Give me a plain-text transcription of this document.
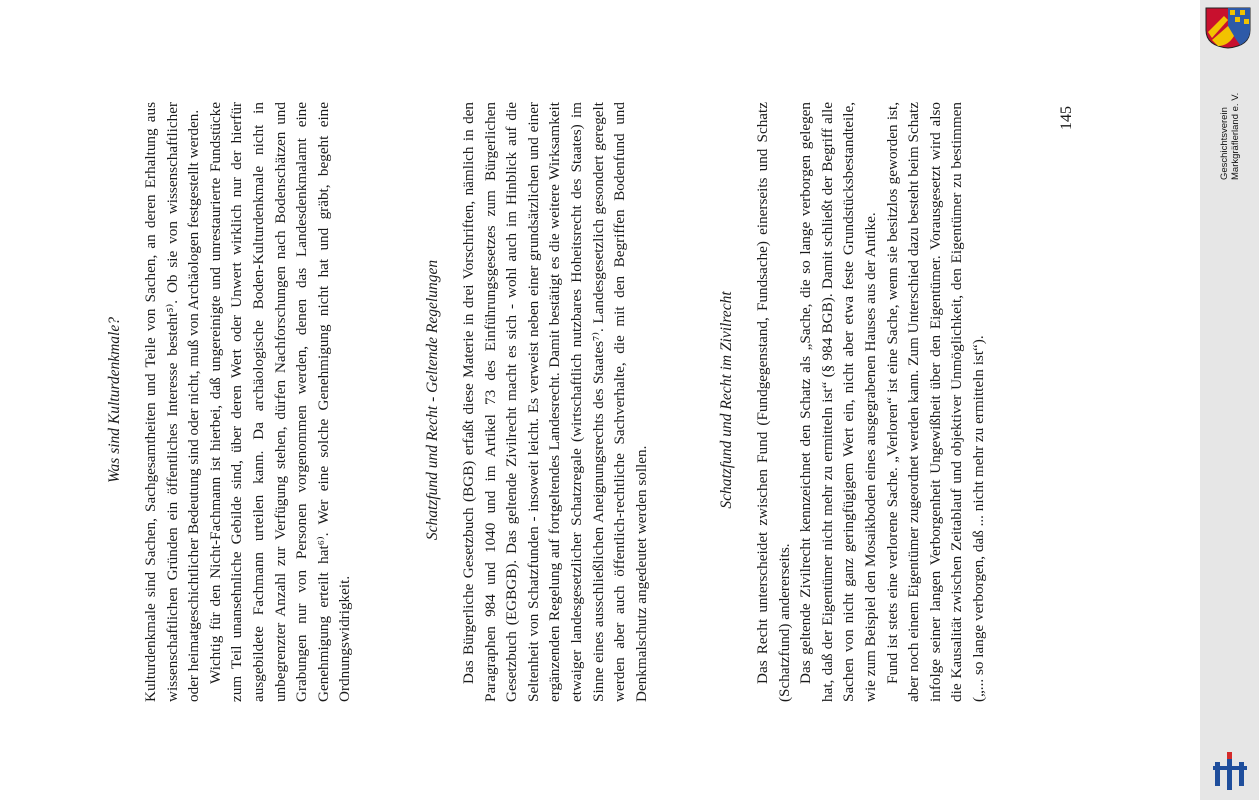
Was sind Kulturdenkmale? Kulturdenkmale sind Sachen, Sachgesamtheiten und Teile von Sachen, an deren Erhaltung aus wissenschaftlichen Gründen ein öffentliches Interesse besteht⁵⁾. Ob sie von wissenschaftlicher oder heimatgeschichtlicher Bedeutung sind oder nicht, muß von Archäologen festgestellt werden. Wichtig für den Nicht-Fachmann ist hierbei, daß ungereinigte und unrestaurierte Fundstücke zum Teil unansehnliche Gebilde sind, über deren Wert oder Unwert wirklich nur der hierfür ausgebildete Fachmann urteilen kann. Da archäologische Boden-Kulturdenkmale nicht in unbegrenzter Anzahl zur Verfügung stehen, dürfen Nachforschungen nach Bodenschätzen und Grabungen nur von Personen vorgenommen werden, denen das Landesdenkmalamt eine Genehmigung erteilt hat⁶⁾. Wer eine solche Genehmigung nicht hat und gräbt, begeht eine Ordnungswidrigkeit.

Schatzfund und Recht - Geltende Regelungen Das Bürgerliche Gesetzbuch (BGB) erfaßt diese Materie in drei Vorschriften, nämlich in den Paragraphen 984 und 1040 und im Artikel 73 des Einführungsgesetzes zum Bürgerlichen Gesetzbuch (EGBGB). Das geltende Zivilrecht macht es sich - wohl auch im Hinblick auf die Seltenheit von Schatzfunden - insoweit leicht. Es verweist neben einer grundsätzlichen und einer ergänzenden Regelung auf fortgeltendes Landesrecht. Damit bestätigt es die weitere Wirksamkeit etwaiger landesgesetzlicher Schatzregale (wirtschaftlich nutzbares Hoheitsrecht des Staates) im Sinne eines ausschließlichen Aneignungsrechts des Staates⁷⁾. Landesgesetzlich gesondert geregelt werden aber auch öffentlich-rechtliche Sachverhalte, die mit den Begriffen Bodenfund und Denkmalschutz angedeutet werden sollen.

Schatzfund und Recht im Zivilrecht Das Recht unterscheidet zwischen Fund (Fundgegenstand, Fundsache) einerseits und Schatz (Schatzfund) andererseits. Das geltende Zivilrecht kennzeichnet den Schatz als „Sache, die so lange verborgen gelegen hat, daß der Eigentümer nicht mehr zu ermitteln ist“ (§ 984 BGB). Damit schließt der Begriff alle Sachen von nicht ganz geringfügigem Wert ein, nicht aber etwa feste Grundstücksbestandteile, wie zum Beispiel den Mosaikboden eines ausgegrabenen Hauses aus der Antike. Fund ist stets eine verlorene Sache. „Verloren“ ist eine Sache, wenn sie besitzlos geworden ist, aber noch einem Eigentümer zugeordnet werden kann. Zum Unterschied dazu besteht beim Schatz infolge seiner langen Verborgenheit Ungewißheit über den Eigentümer. Vorausgesetzt wird also die Kausalität zwischen Zeitablauf und objektiver Unmöglichkeit, den Eigentümer zu bestimmen („... so lange verborgen, daß ... nicht mehr zu ermitteln ist“).

145	Geschichtsverein Markgräflerland e. V.
